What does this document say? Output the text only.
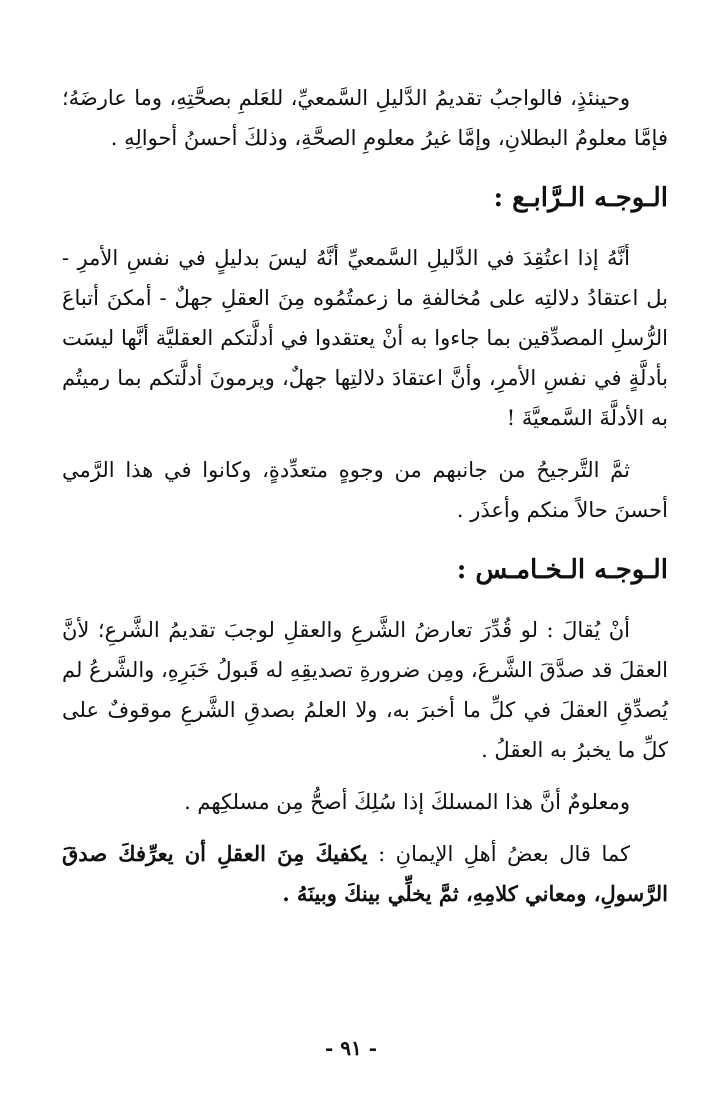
وحينئذٍ، فالواجبُ تقديمُ الدَّليلِ السَّمعيِّ، للعَلمِ بصحَّتِهِ، وما عارضَهُ؛ فإمَّا معلومُ البطلانِ، وإمَّا غيرُ معلومِ الصحَّةِ، وذلكَ أحسنُ أحوالِهِ .

الـوجـه الـرَّابـع :

أنَّهُ إذا اعتُقِدَ في الدَّليلِ السَّمعيِّ أنَّهُ ليسَ بدليلٍ في نفسِ الأمرِ - بل اعتقادُ دلالتِه على مُخالفةِ ما زعمتُمُوه مِنَ العقلِ جهلٌ - أمكنَ أتباعَ الرُّسلِ المصدِّقين بما جاءوا به أنْ يعتقدوا في أدلَّتكم العقليَّة أنَّها ليسَت بأدلَّةٍ في نفسِ الأمرِ، وأنَّ اعتقادَ دلالتِها جهلٌ، ويرمونَ أدلَّتكم بما رميتُم به الأدلَّةَ السَّمعيَّةَ !

ثمَّ التَّرجيحُ من جانبهم من وجوهٍ متعدِّدةٍ، وكانوا في هذا الرَّمي أحسنَ حالاً منكم وأعذَر .

الـوجـه الـخـامـس :

أنْ يُقالَ : لو قُدِّرَ تعارضُ الشَّرعِ والعقلِ لوجبَ تقديمُ الشَّرعِ؛ لأنَّ العقلَ قد صدَّقَ الشَّرعَ، ومِن ضرورةِ تصديقِهِ له قَبولُ خَبَرِهِ، والشَّرعُ لم يُصدِّقِ العقلَ في كلِّ ما أخبرَ به، ولا العلمُ بصدقِ الشَّرعِ موقوفٌ على كلِّ ما يخبرُ به العقلُ .

ومعلومٌ أنَّ هذا المسلكَ إذا سُلِكَ أصحُّ مِن مسلكِهم .

كما قال بعضُ أهلِ الإيمانِ : يكفيكَ مِنَ العقلِ أن يعرِّفكَ صدقَ الرَّسولِ، ومعاني كلامِهِ، ثمَّ يخلِّي بينكَ وبينَهُ .

- ٩١ -
